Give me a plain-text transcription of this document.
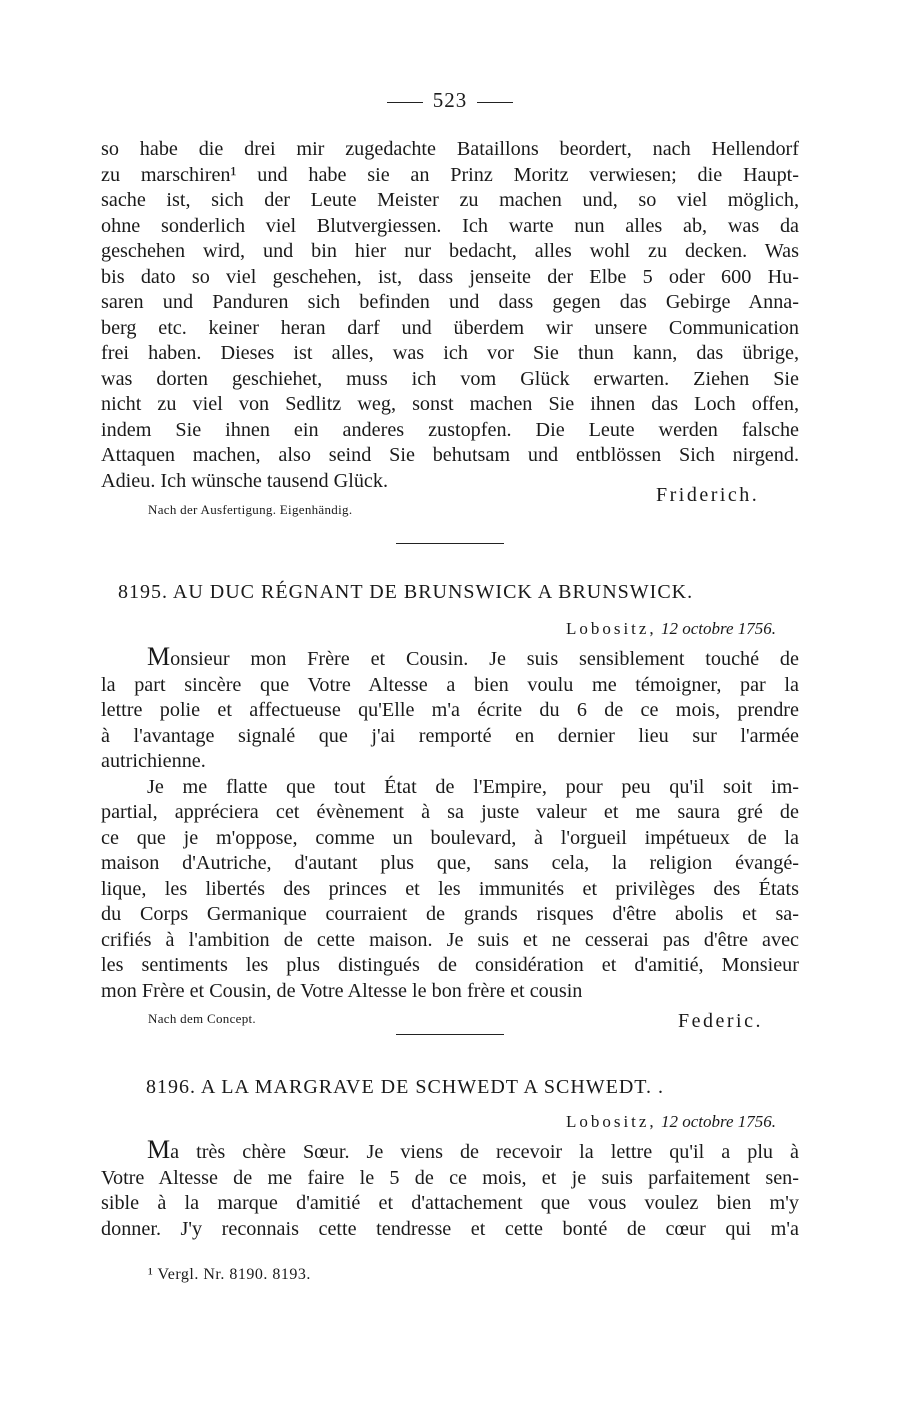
523
so habe die drei mir zugedachte Bataillons beordert, nach Hellendorf
zu marschiren¹ und habe sie an Prinz Moritz verwiesen; die Haupt-
sache ist, sich der Leute Meister zu machen und, so viel möglich,
ohne sonderlich viel Blutvergiessen. Ich warte nun alles ab, was da
geschehen wird, und bin hier nur bedacht, alles wohl zu decken. Was
bis dato so viel geschehen, ist, dass jenseite der Elbe 5 oder 600 Hu-
saren und Panduren sich befinden und dass gegen das Gebirge Anna-
berg etc. keiner heran darf und überdem wir unsere Communication
frei haben. Dieses ist alles, was ich vor Sie thun kann, das übrige,
was dorten geschiehet, muss ich vom Glück erwarten. Ziehen Sie
nicht zu viel von Sedlitz weg, sonst machen Sie ihnen das Loch offen,
indem Sie ihnen ein anderes zustopfen. Die Leute werden falsche
Attaquen machen, also seind Sie behutsam und entblössen Sich nirgend.
Adieu. Ich wünsche tausend Glück.
Friderich.
Nach der Ausfertigung. Eigenhändig.
8195. AU DUC RÉGNANT DE BRUNSWICK A BRUNSWICK.
Lobositz, 12 octobre 1756.
Monsieur mon Frère et Cousin. Je suis sensiblement touché de
la part sincère que Votre Altesse a bien voulu me témoigner, par la
lettre polie et affectueuse qu'Elle m'a écrite du 6 de ce mois, prendre
à l'avantage signalé que j'ai remporté en dernier lieu sur l'armée
autrichienne.
Je me flatte que tout État de l'Empire, pour peu qu'il soit im-
partial, appréciera cet évènement à sa juste valeur et me saura gré de
ce que je m'oppose, comme un boulevard, à l'orgueil impétueux de la
maison d'Autriche, d'autant plus que, sans cela, la religion évangé-
lique, les libertés des princes et les immunités et privilèges des États
du Corps Germanique courraient de grands risques d'être abolis et sa-
crifiés à l'ambition de cette maison. Je suis et ne cesserai pas d'être avec
les sentiments les plus distingués de considération et d'amitié, Monsieur
mon Frère et Cousin, de Votre Altesse le bon frère et cousin
Nach dem Concept.	Federic.
8196. A LA MARGRAVE DE SCHWEDT A SCHWEDT. .
Lobositz, 12 octobre 1756.
Ma très chère Sœur. Je viens de recevoir la lettre qu'il a plu à
Votre Altesse de me faire le 5 de ce mois, et je suis parfaitement sen-
sible à la marque d'amitié et d'attachement que vous voulez bien m'y
donner. J'y reconnais cette tendresse et cette bonté de cœur qui m'a
¹ Vergl. Nr. 8190. 8193.
